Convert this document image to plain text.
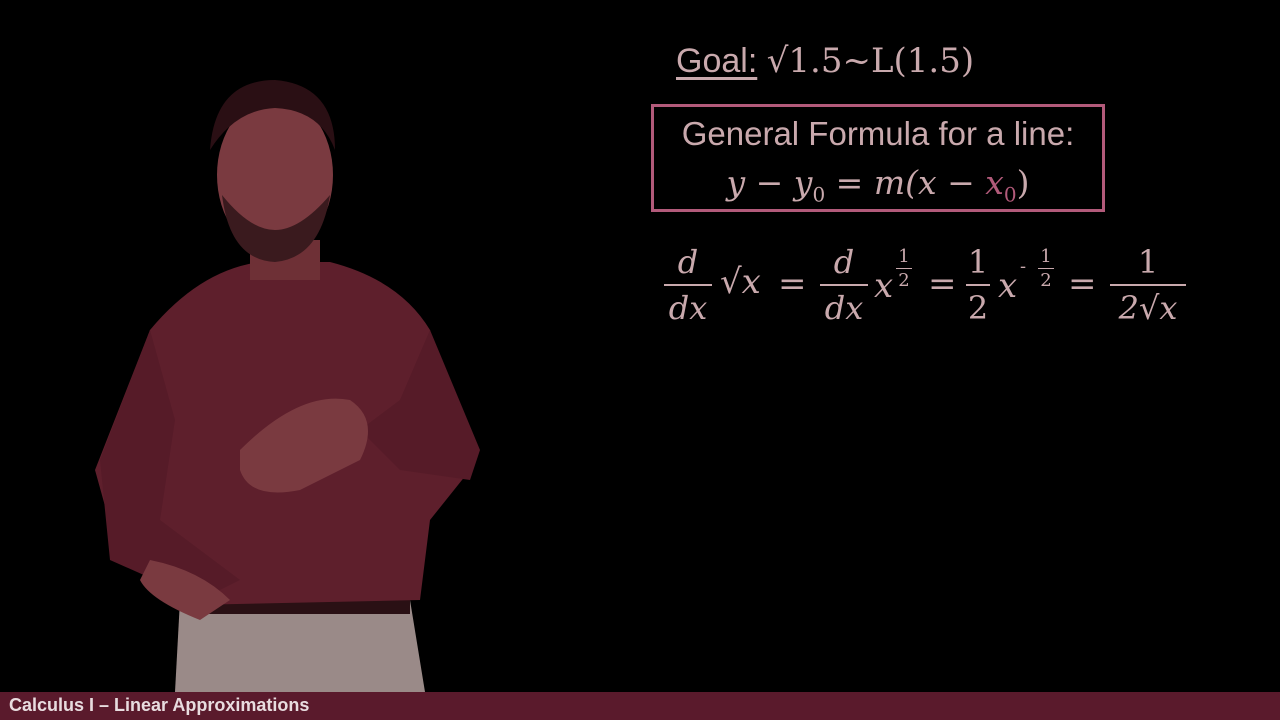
Goal: √1.5~L(1.5)
General Formula for a line:
$y - y_0 = m(x - x_0)$
d
dx
√x =
d
dx
x
1
2 =
1
2
x - 1
2 =
1
2√x
Calculus I – Linear Approximations
